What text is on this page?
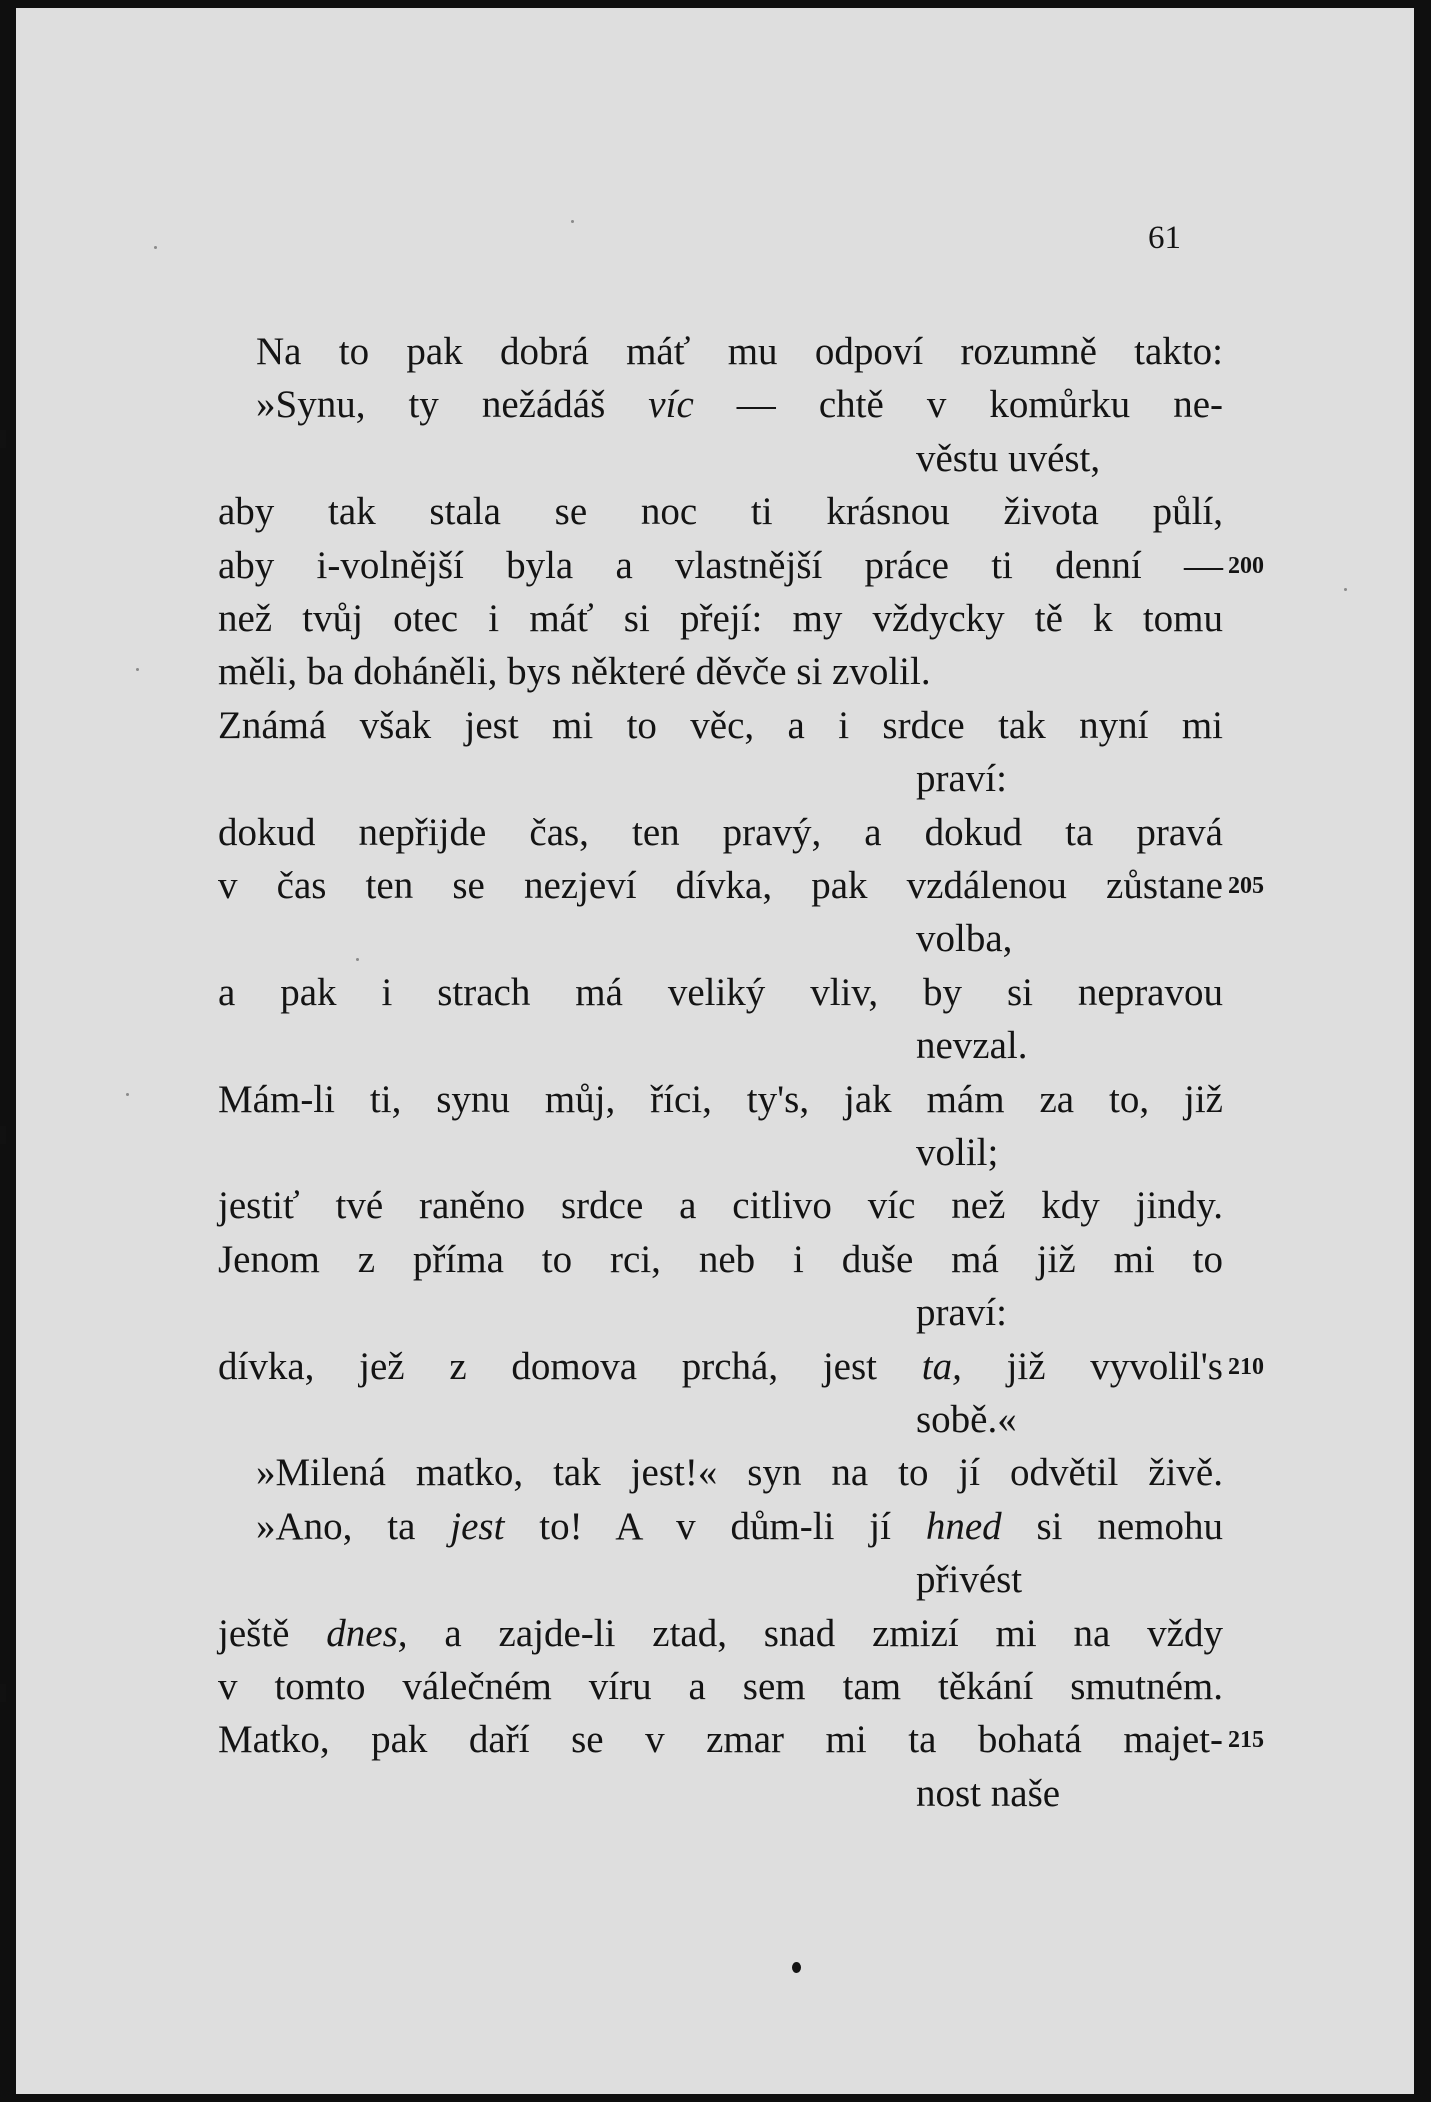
61
Na to pak dobrá máť mu odpoví rozumně takto:
»Synu, ty nežádáš víc — chtě v komůrku ne-
věstu uvést,
aby tak stala se noc ti krásnou života půlí,
aby i-volnější byla a vlastnější práce ti denní — 200
než tvůj otec i máť si přejí: my vždycky tě k tomu
měli, ba doháněli, bys některé děvče si zvolil.
Známá však jest mi to věc, a i srdce tak nyní mi
praví:
dokud nepřijde čas, ten pravý, a dokud ta pravá
v čas ten se nezjeví dívka, pak vzdálenou zůstane 205
volba,
a pak i strach má veliký vliv, by si nepravou
nevzal.
Mám-li ti, synu můj, říci, ty's, jak mám za to, již
volil;
jestiť tvé raněno srdce a citlivo víc než kdy jindy.
Jenom z příma to rci, neb i duše má již mi to
praví:
dívka, jež z domova prchá, jest ta, již vyvolil's 210
sobě.«
»Milená matko, tak jest!« syn na to jí odvětil živě.
»Ano, ta jest to! A v dům-li jí hned si nemohu
přivést
ještě dnes, a zajde-li ztad, snad zmizí mi na vždy
v tomto válečném víru a sem tam těkání smutném.
Matko, pak daří se v zmar mi ta bohatá majet- 215
nost naše
